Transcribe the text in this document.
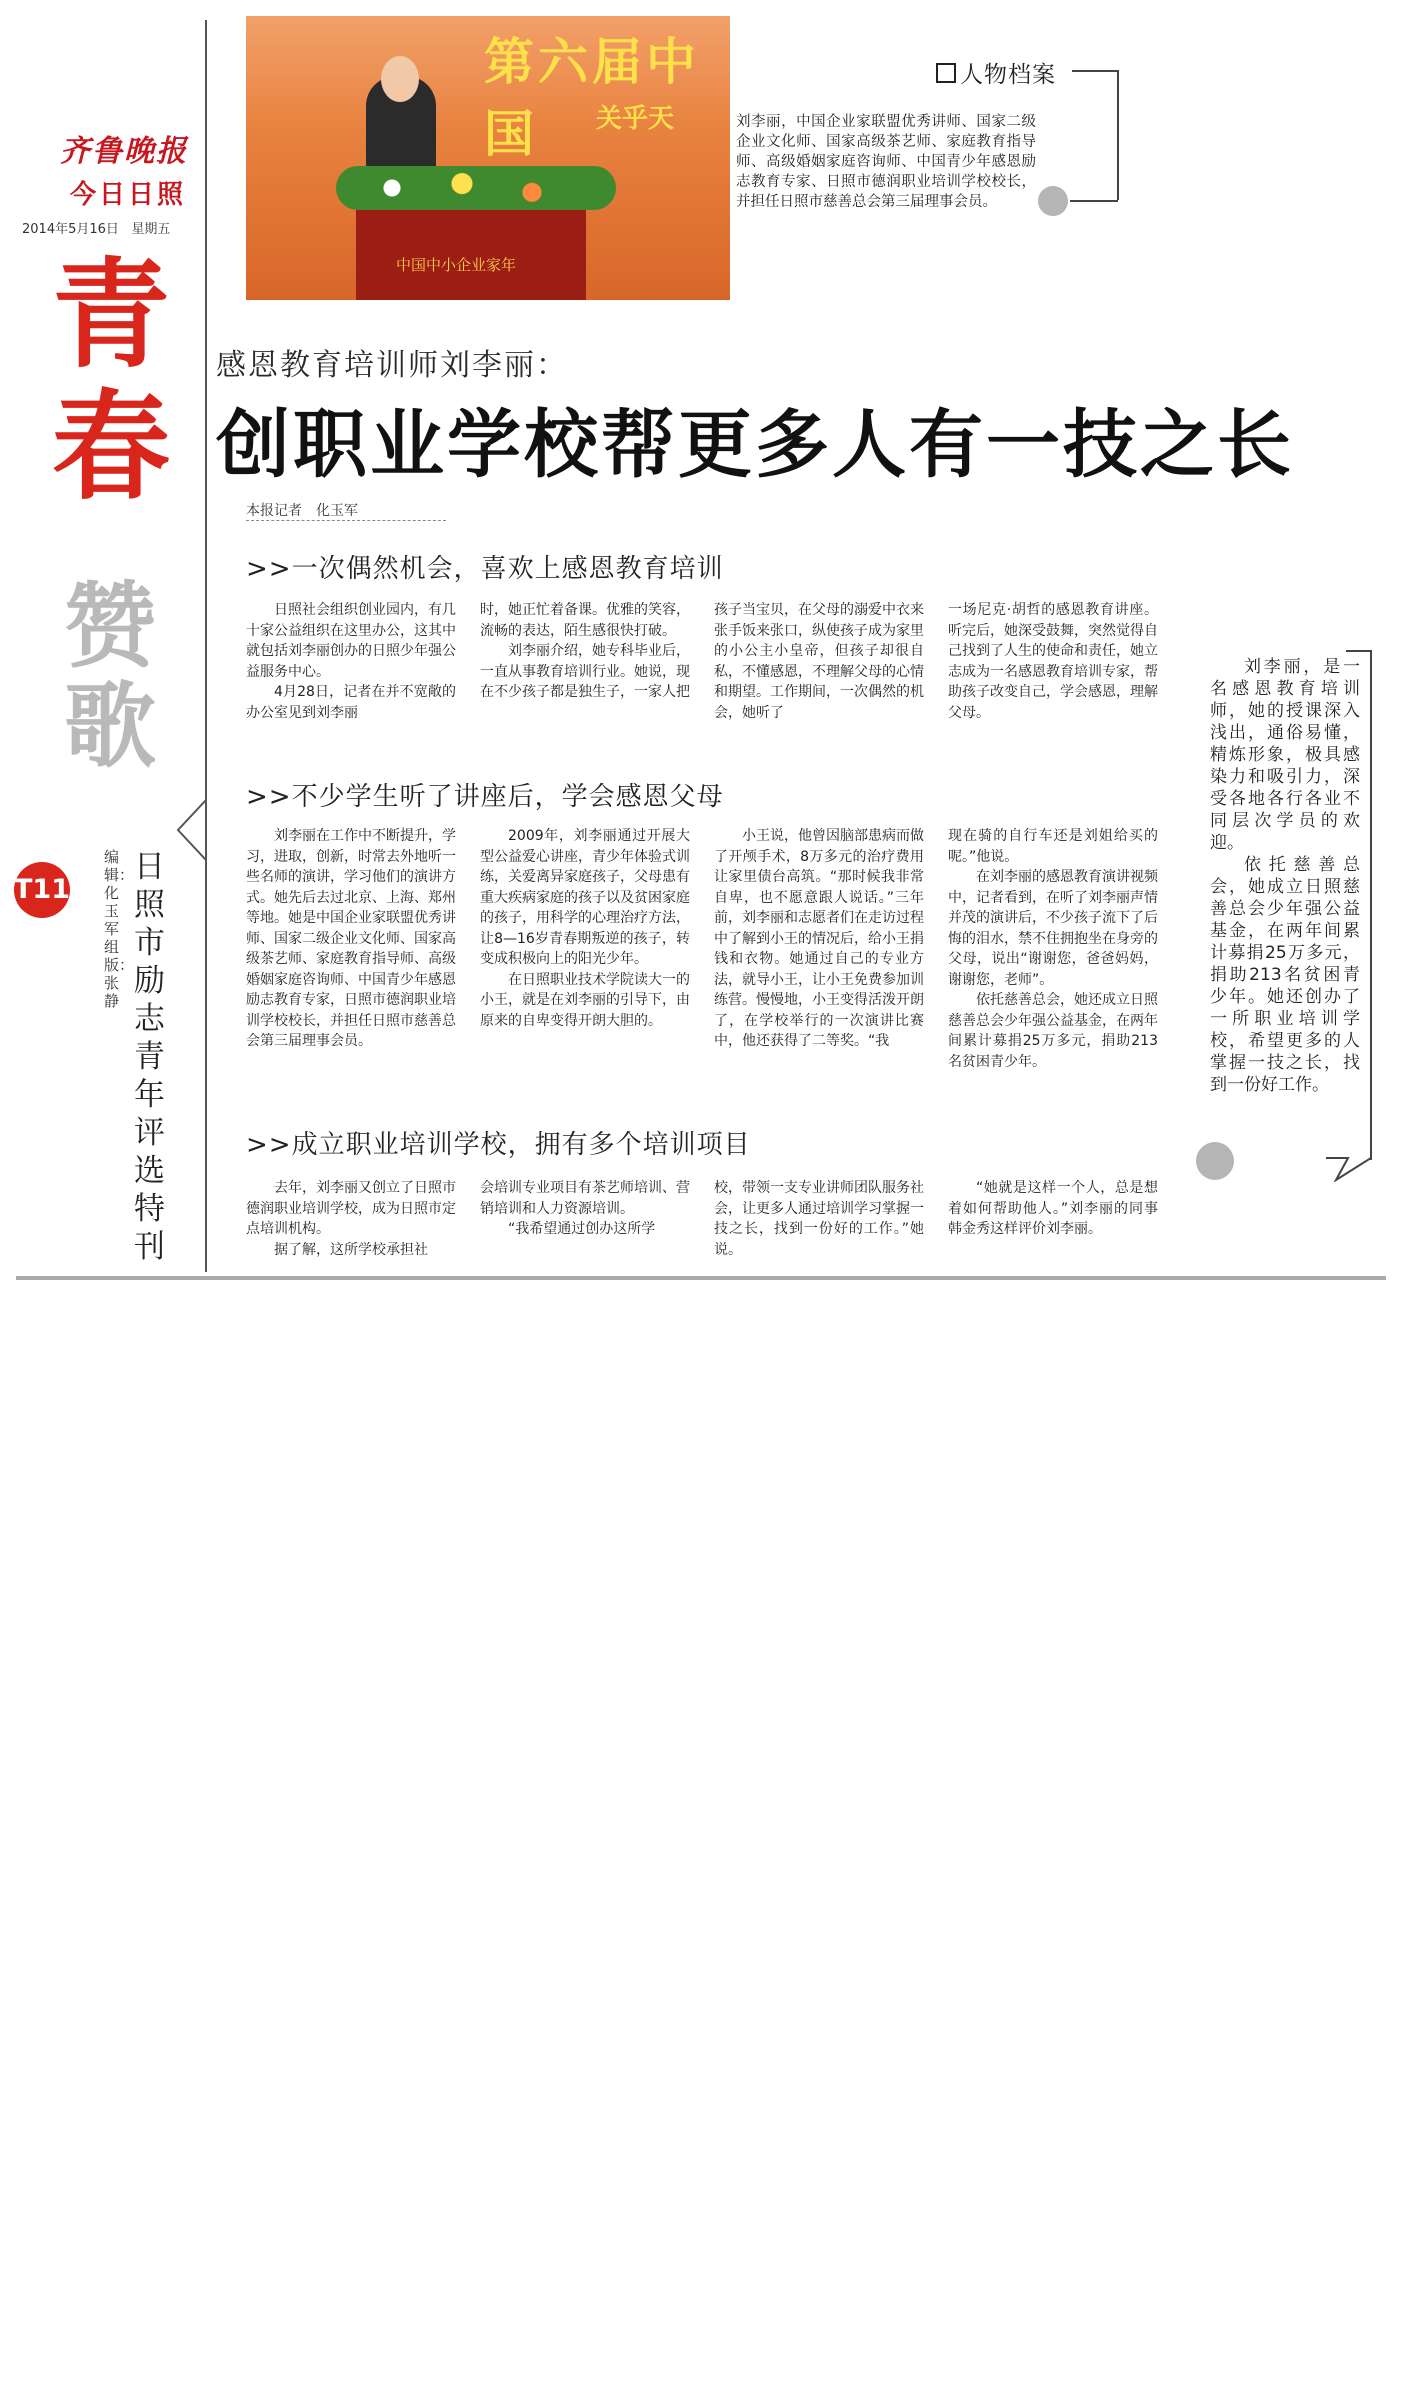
齐鲁晚报
今日日照
2014年5月16日 星期五
青
春
赞
歌
T11
编辑：化玉军　组版：张静
日照市励志青年评选特刊
第六届中国	关乎天
中国中小企业家年
人物档案
刘李丽，中国企业家联盟优秀讲师、国家二级企业文化师、国家高级茶艺师、家庭教育指导师、高级婚姻家庭咨询师、中国青少年感恩励志教育专家、日照市德润职业培训学校校长，并担任日照市慈善总会第三届理事会员。
感恩教育培训师刘李丽：
创职业学校帮更多人有一技之长
本报记者　化玉军
>>一次偶然机会，喜欢上感恩教育培训

日照社会组织创业园内，有几十家公益组织在这里办公，这其中就包括刘李丽创办的日照少年强公益服务中心。

4月28日，记者在并不宽敞的办公室见到刘李丽

时，她正忙着备课。优雅的笑容，流畅的表达，陌生感很快打破。

刘李丽介绍，她专科毕业后，一直从事教育培训行业。她说，现在不少孩子都是独生子，一家人把

孩子当宝贝，在父母的溺爱中衣来张手饭来张口，纵使孩子成为家里的小公主小皇帝，但孩子却很自私，不懂感恩，不理解父母的心情和期望。工作期间，一次偶然的机会，她听了

一场尼克·胡哲的感恩教育讲座。听完后，她深受鼓舞，突然觉得自己找到了人生的使命和责任，她立志成为一名感恩教育培训专家，帮助孩子改变自己，学会感恩，理解父母。

>>不少学生听了讲座后，学会感恩父母

刘李丽在工作中不断提升，学习，进取，创新，时常去外地听一些名师的演讲，学习他们的演讲方式。她先后去过北京、上海、郑州等地。她是中国企业家联盟优秀讲师、国家二级企业文化师、国家高级茶艺师、家庭教育指导师、高级婚姻家庭咨询师、中国青少年感恩励志教育专家，日照市德润职业培训学校校长，并担任日照市慈善总会第三届理事会员。

2009年，刘李丽通过开展大型公益爱心讲座，青少年体验式训练，关爱离异家庭孩子，父母患有重大疾病家庭的孩子以及贫困家庭的孩子，用科学的心理治疗方法，让8—16岁青春期叛逆的孩子，转变成积极向上的阳光少年。

在日照职业技术学院读大一的小王，就是在刘李丽的引导下，由原来的自卑变得开朗大胆的。

小王说，他曾因脑部患病而做了开颅手术，8万多元的治疗费用让家里债台高筑。“那时候我非常自卑，也不愿意跟人说话。”三年前，刘李丽和志愿者们在走访过程中了解到小王的情况后，给小王捐钱和衣物。她通过自己的专业方法，就导小王，让小王免费参加训练营。慢慢地，小王变得活泼开朗了，在学校举行的一次演讲比赛中，他还获得了二等奖。“我

现在骑的自行车还是刘姐给买的呢。”他说。

在刘李丽的感恩教育演讲视频中，记者看到，在听了刘李丽声情并茂的演讲后，不少孩子流下了后悔的泪水，禁不住拥抱坐在身旁的父母，说出“谢谢您，爸爸妈妈，谢谢您，老师”。

依托慈善总会，她还成立日照慈善总会少年强公益基金，在两年间累计募捐25万多元，捐助213名贫困青少年。

>>成立职业培训学校，拥有多个培训项目

去年，刘李丽又创立了日照市德润职业培训学校，成为日照市定点培训机构。

据了解，这所学校承担社

会培训专业项目有茶艺师培训、营销培训和人力资源培训。

“我希望通过创办这所学

校，带领一支专业讲师团队服务社会，让更多人通过培训学习掌握一技之长，找到一份好的工作。”她说。

“她就是这样一个人，总是想着如何帮助他人。”刘李丽的同事韩金秀这样评价刘李丽。

刘李丽，是一名感恩教育培训师，她的授课深入浅出，通俗易懂，精炼形象，极具感染力和吸引力，深受各地各行各业不同层次学员的欢迎。

依托慈善总会，她成立日照慈善总会少年强公益基金，在两年间累计募捐25万多元，捐助213名贫困青少年。她还创办了一所职业培训学校，希望更多的人掌握一技之长，找到一份好工作。
